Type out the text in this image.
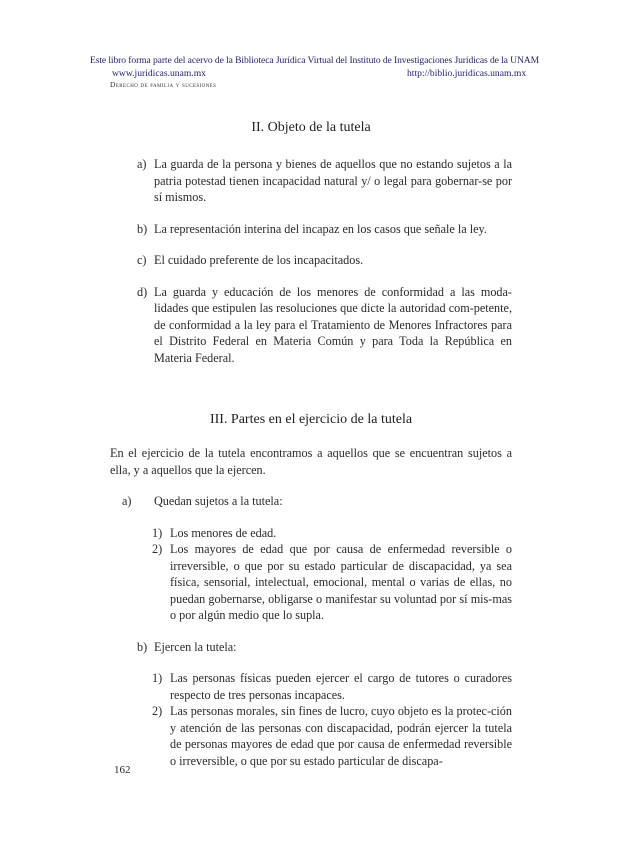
Este libro forma parte del acervo de la Biblioteca Jurídica Virtual del Instituto de Investigaciones Jurídicas de la UNAM
www.juridicas.unam.mx	http://biblio.juridicas.unam.mx
Derecho de familia y sucesiones
II. Objeto de la tutela
a) La guarda de la persona y bienes de aquellos que no estando sujetos a la patria potestad tienen incapacidad natural y/ o legal para gobernar-se por sí mismos.
b) La representación interina del incapaz en los casos que señale la ley.
c) El cuidado preferente de los incapacitados.
d) La guarda y educación de los menores de conformidad a las moda-lidades que estipulen las resoluciones que dicte la autoridad com-petente, de conformidad a la ley para el Tratamiento de Menores Infractores para el Distrito Federal en Materia Común y para Toda la República en Materia Federal.
III. Partes en el ejercicio de la tutela

En el ejercicio de la tutela encontramos a aquellos que se encuentran sujetos a ella, y a aquellos que la ejercen.

a) Quedan sujetos a la tutela:
1) Los menores de edad.
2) Los mayores de edad que por causa de enfermedad reversible o irreversible, o que por su estado particular de discapacidad, ya sea física, sensorial, intelectual, emocional, mental o varias de ellas, no puedan gobernarse, obligarse o manifestar su voluntad por sí mis-mas o por algún medio que lo supla.
b) Ejercen la tutela:
1) Las personas físicas pueden ejercer el cargo de tutores o curadores respecto de tres personas incapaces.
2) Las personas morales, sin fines de lucro, cuyo objeto es la protec-ción y atención de las personas con discapacidad, podrán ejercer la tutela de personas mayores de edad que por causa de enfermedad reversible o irreversible, o que por su estado particular de discapa-
162
